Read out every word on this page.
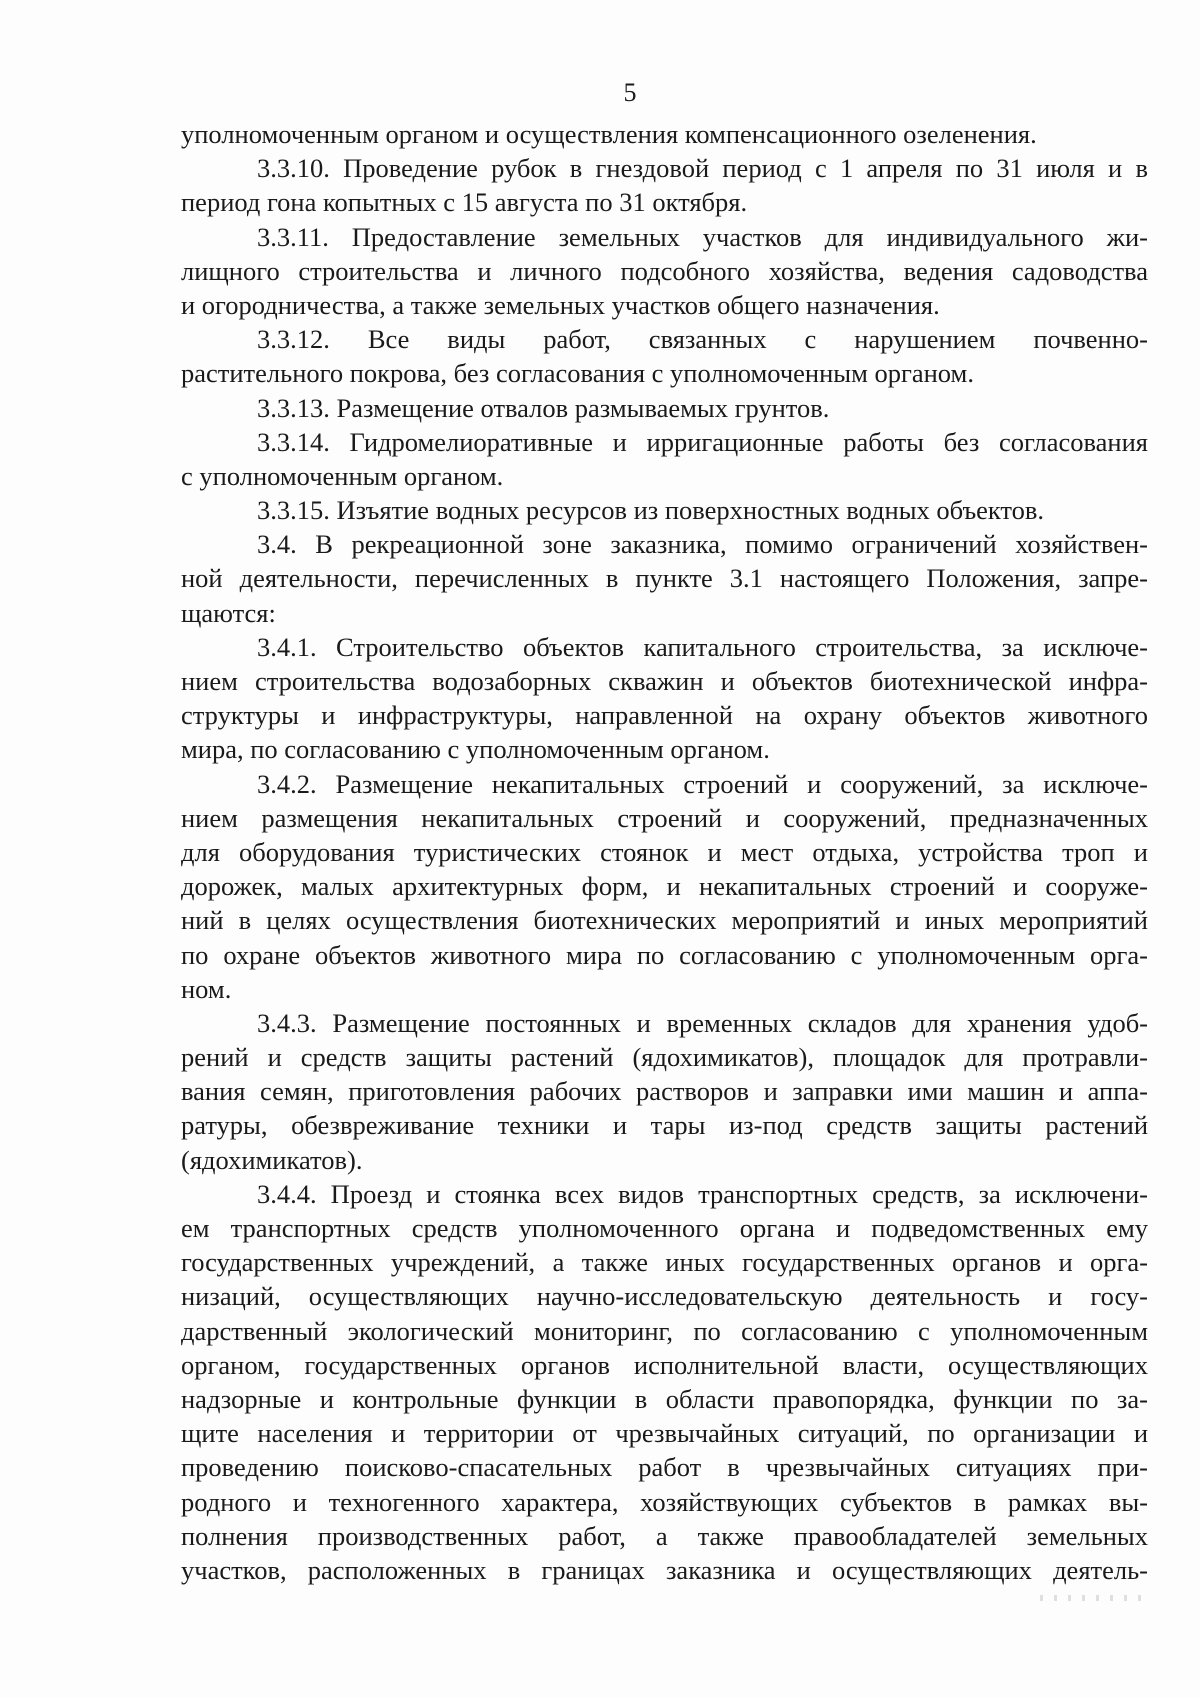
5
уполномоченным органом и осуществления компенсационного озеленения.
3.3.10. Проведение рубок в гнездовой период с 1 апреля по 31 июля и в
период гона копытных с 15 августа по 31 октября.
3.3.11. Предоставление земельных участков для индивидуального жи-
лищного строительства и личного подсобного хозяйства, ведения садоводства
и огородничества, а также земельных участков общего назначения.
3.3.12. Все виды работ, связанных с нарушением почвенно-
растительного покрова, без согласования с уполномоченным органом.
3.3.13. Размещение отвалов размываемых грунтов.
3.3.14. Гидромелиоративные и ирригационные работы без согласования
с уполномоченным органом.
3.3.15. Изъятие водных ресурсов из поверхностных водных объектов.
3.4. В рекреационной зоне заказника, помимо ограничений хозяйствен-
ной деятельности, перечисленных в пункте 3.1 настоящего Положения, запре-
щаются:
3.4.1. Строительство объектов капитального строительства, за исключе-
нием строительства водозаборных скважин и объектов биотехнической инфра-
структуры и инфраструктуры, направленной на охрану объектов животного
мира, по согласованию с уполномоченным органом.
3.4.2. Размещение некапитальных строений и сооружений, за исключе-
нием размещения некапитальных строений и сооружений, предназначенных
для оборудования туристических стоянок и мест отдыха, устройства троп и
дорожек, малых архитектурных форм, и некапитальных строений и сооруже-
ний в целях осуществления биотехнических мероприятий и иных мероприятий
по охране объектов животного мира по согласованию с уполномоченным орга-
ном.
3.4.3. Размещение постоянных и временных складов для хранения удоб-
рений и средств защиты растений (ядохимикатов), площадок для протравли-
вания семян, приготовления рабочих растворов и заправки ими машин и аппа-
ратуры, обезвреживание техники и тары из-под средств защиты растений
(ядохимикатов).
3.4.4. Проезд и стоянка всех видов транспортных средств, за исключени-
ем транспортных средств уполномоченного органа и подведомственных ему
государственных учреждений, а также иных государственных органов и орга-
низаций, осуществляющих научно-исследовательскую деятельность и госу-
дарственный экологический мониторинг, по согласованию с уполномоченным
органом, государственных органов исполнительной власти, осуществляющих
надзорные и контрольные функции в области правопорядка, функции по за-
щите населения и территории от чрезвычайных ситуаций, по организации и
проведению поисково-спасательных работ в чрезвычайных ситуациях при-
родного и техногенного характера, хозяйствующих субъектов в рамках вы-
полнения производственных работ, а также правообладателей земельных
участков, расположенных в границах заказника и осуществляющих деятель-
